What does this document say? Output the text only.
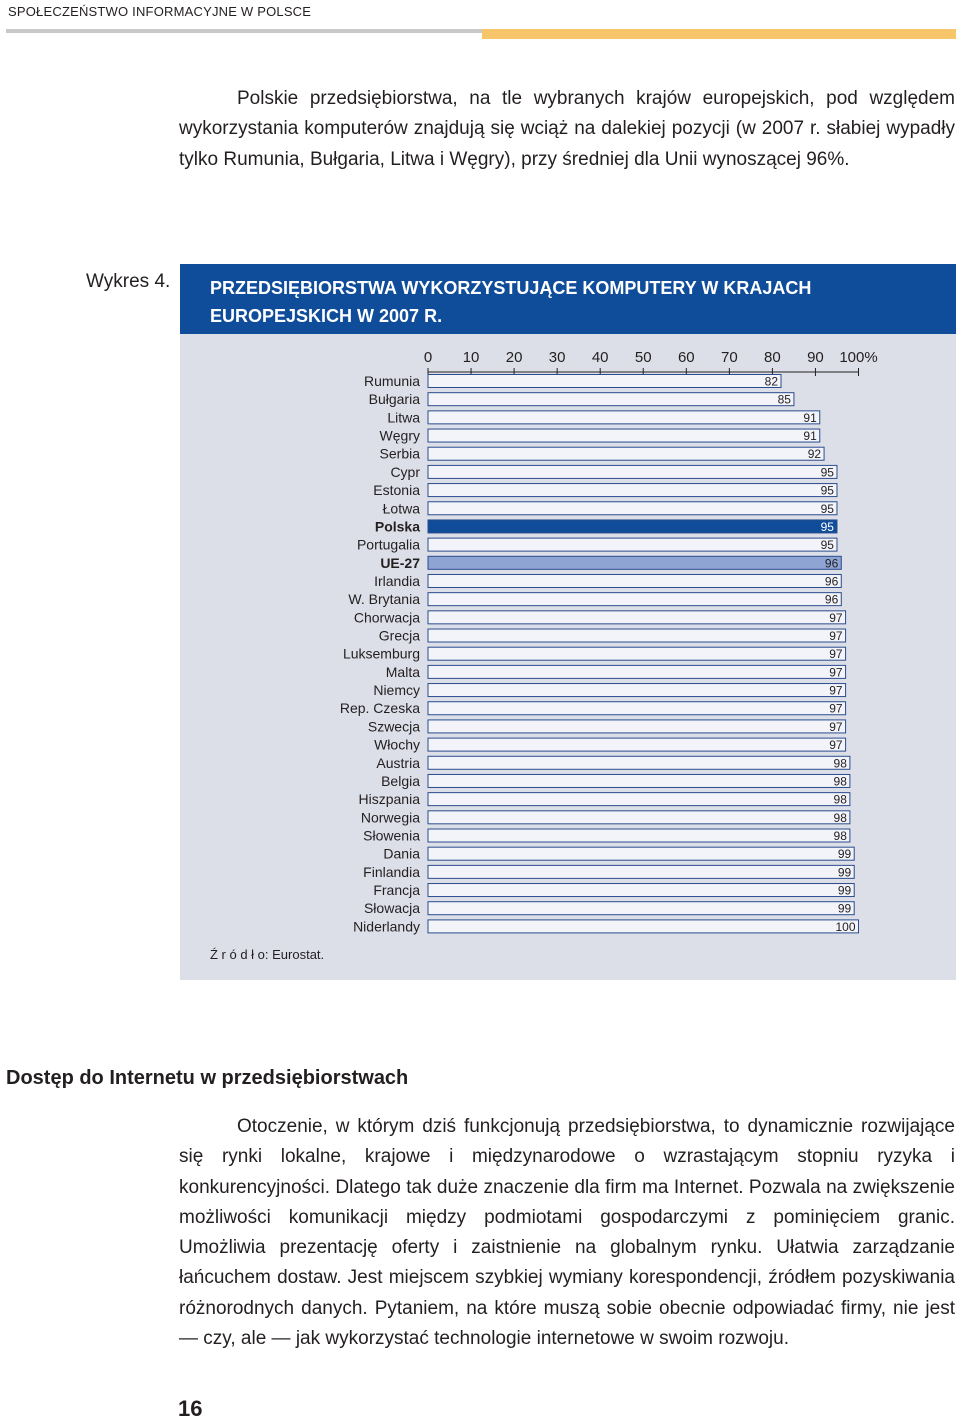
SPOŁECZEŃSTWO INFORMACYJNE W POLSCE

Polskie przedsiębiorstwa, na tle wybranych krajów europejskich, pod względem wykorzystania komputerów znajdują się wciąż na dalekiej pozycji (w 2007 r. słabiej wypadły tylko Rumunia, Bułgaria, Litwa i Węgry), przy średniej dla Unii wynoszącej 96%.

Wykres 4. PRZEDSIĘBIORSTWA WYKORZYSTUJĄCE KOMPUTERY W KRAJACH EUROPEJSKICH W 2007 R.
0 10 20 30 40 50 60 70 80 90 100%
Rumunia	82
Bułgaria	85
Litwa	91
Węgry	91
Serbia	92
Cypr	95
Estonia	95
Łotwa	95
Polska	95
Portugalia	95
UE-27	96
Irlandia	96
W. Brytania	96
Chorwacja	97
Grecja	97
Luksemburg	97
Malta	97
Niemcy	97
Rep. Czeska	97
Szwecja	97
Włochy	97
Austria	98
Belgia	98
Hiszpania	98
Norwegia	98
Słowenia	98
Dania	99
Finlandia	99
Francja	99
Słowacja	99
Niderlandy	100
Ź r ó d ł o: Eurostat.
Dostęp do Internetu w przedsiębiorstwach

Otoczenie, w którym dziś funkcjonują przedsiębiorstwa, to dynamicznie rozwijające się rynki lokalne, krajowe i międzynarodowe o wzrastającym stopniu ryzyka i konkurencyjności. Dlatego tak duże znaczenie dla firm ma Internet. Pozwala na zwiększenie możliwości komunikacji między podmiotami gospodarczymi z pominięciem granic. Umożliwia prezentację oferty i zaistnienie na globalnym rynku. Ułatwia zarządzanie łańcuchem dostaw. Jest miejscem szybkiej wymiany korespondencji, źródłem pozyskiwania różnorodnych danych. Pytaniem, na które muszą sobie obecnie odpowiadać firmy, nie jest — czy, ale — jak wykorzystać technologie internetowe w swoim rozwoju.

16
